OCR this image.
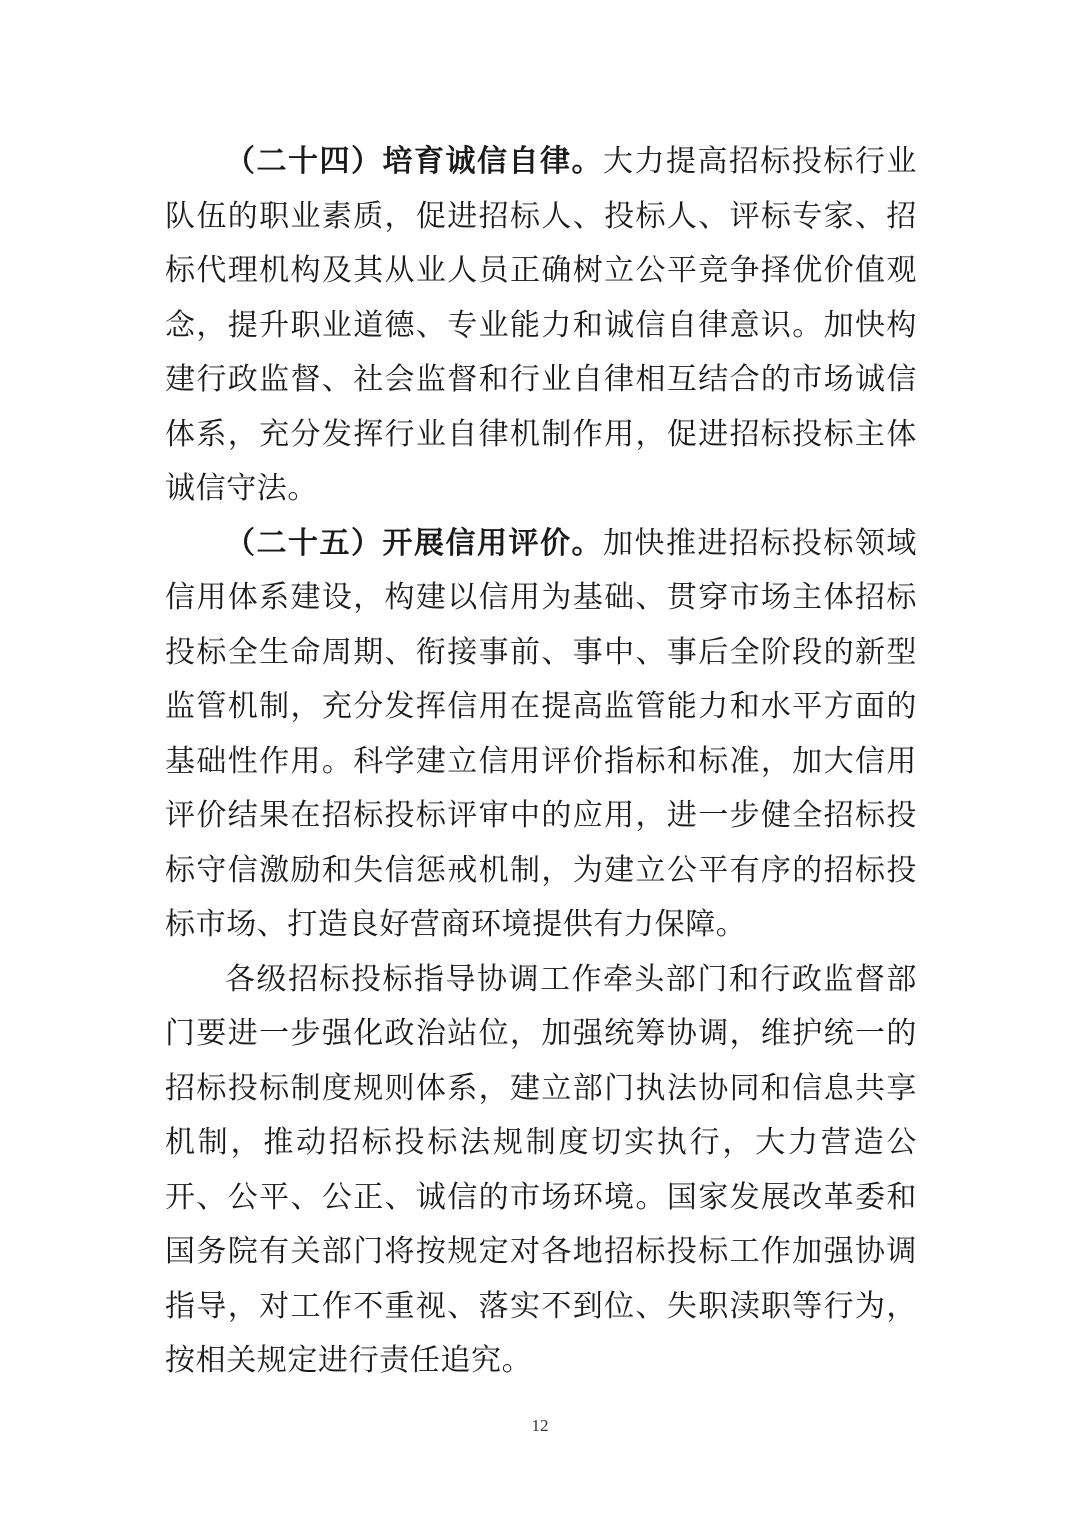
（二十四）培育诚信自律。大力提高招标投标行业队伍的职业素质，促进招标人、投标人、评标专家、招标代理机构及其从业人员正确树立公平竞争择优价值观念，提升职业道德、专业能力和诚信自律意识。加快构建行政监督、社会监督和行业自律相互结合的市场诚信体系，充分发挥行业自律机制作用，促进招标投标主体诚信守法。

（二十五）开展信用评价。加快推进招标投标领域信用体系建设，构建以信用为基础、贯穿市场主体招标投标全生命周期、衔接事前、事中、事后全阶段的新型监管机制，充分发挥信用在提高监管能力和水平方面的基础性作用。科学建立信用评价指标和标准，加大信用评价结果在招标投标评审中的应用，进一步健全招标投标守信激励和失信惩戒机制，为建立公平有序的招标投标市场、打造良好营商环境提供有力保障。

各级招标投标指导协调工作牵头部门和行政监督部门要进一步强化政治站位，加强统筹协调，维护统一的招标投标制度规则体系，建立部门执法协同和信息共享机制，推动招标投标法规制度切实执行，大力营造公开、公平、公正、诚信的市场环境。国家发展改革委和国务院有关部门将按规定对各地招标投标工作加强协调指导，对工作不重视、落实不到位、失职渎职等行为，按相关规定进行责任追究。

12
